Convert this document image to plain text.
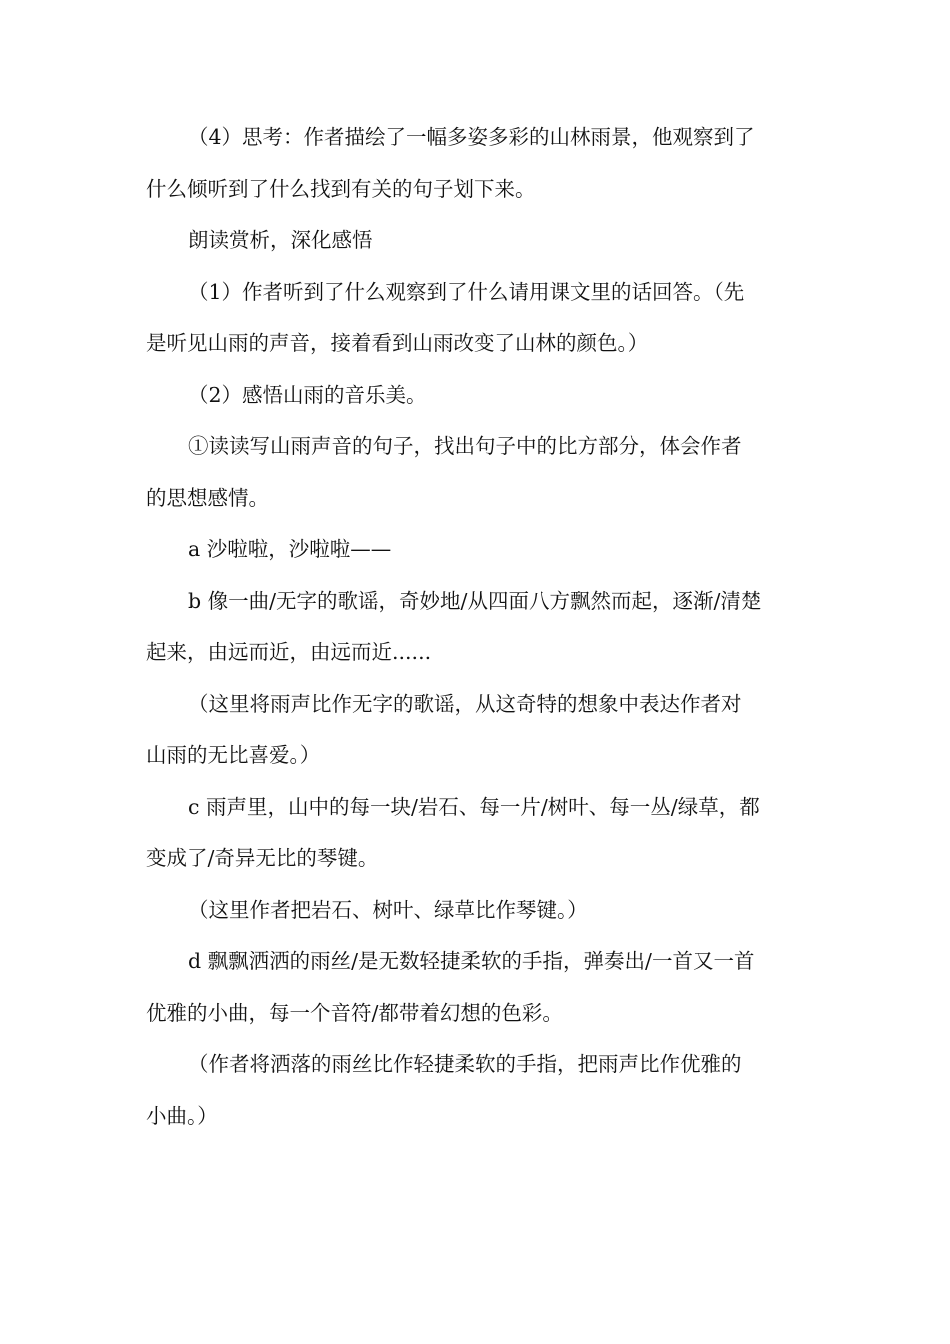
（4）思考：作者描绘了一幅多姿多彩的山林雨景，他观察到了
什么倾听到了什么找到有关的句子划下来。

朗读赏析，深化感悟

（1）作者听到了什么观察到了什么请用课文里的话回答。（先
是听见山雨的声音，接着看到山雨改变了山林的颜色。）

（2）感悟山雨的音乐美。

①读读写山雨声音的句子，找出句子中的比方部分，体会作者
的思想感情。

a 沙啦啦，沙啦啦——

b 像一曲/无字的歌谣，奇妙地/从四面八方飘然而起，逐渐/清楚
起来，由远而近，由远而近......

（这里将雨声比作无字的歌谣，从这奇特的想象中表达作者对
山雨的无比喜爱。）

c 雨声里，山中的每一块/岩石、每一片/树叶、每一丛/绿草，都
变成了/奇异无比的琴键。

（这里作者把岩石、树叶、绿草比作琴键。）

d 飘飘洒洒的雨丝/是无数轻捷柔软的手指，弹奏出/一首又一首
优雅的小曲，每一个音符/都带着幻想的色彩。

（作者将洒落的雨丝比作轻捷柔软的手指，把雨声比作优雅的
小曲。）
